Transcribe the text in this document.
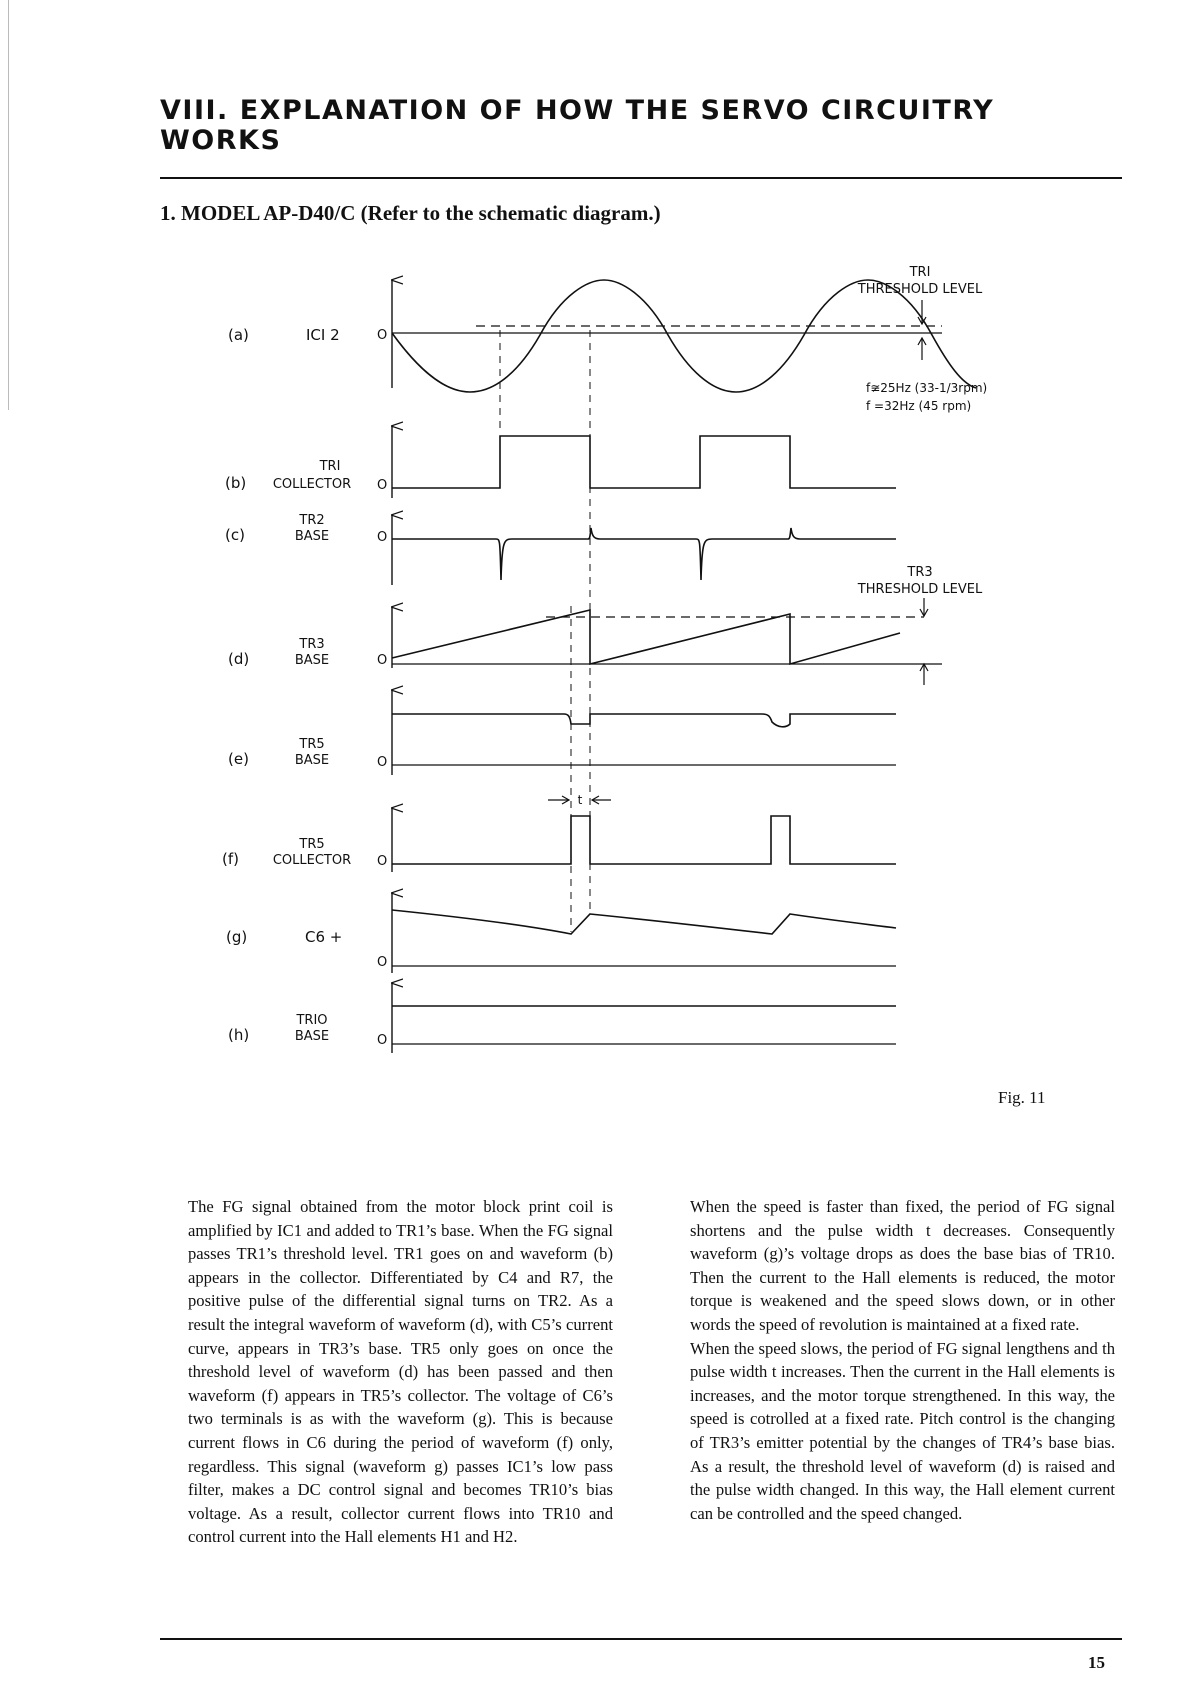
VIII. EXPLANATION OF HOW THE SERVO CIRCUITRY WORKS
1. MODEL AP-D40/C (Refer to the schematic diagram.)
(a)	ICI 2
TRI
(b) COLLECTOR
TR2
(c)	BASE
TR3
(d)	BASE
TR5
(e)	BASE
TR5
(f)	COLLECTOR
(g)	C6 +
TRIO
(h)	BASE
O
O
O
O
O
O
O
O
TRI
THRESHOLD LEVEL
f≆25Hz (33-1/3rpm)
f =32Hz (45 rpm)
TR3
THRESHOLD LEVEL
t
Fig. 11

The FG signal obtained from the motor block print coil is amplified by IC1 and added to TR1’s base. When the FG signal passes TR1’s threshold level. TR1 goes on and waveform (b) appears in the collector. Differentiated by C4 and R7, the positive pulse of the differential signal turns on TR2. As a result the integral waveform of waveform (d), with C5’s current curve, appears in TR3’s base. TR5 only goes on once the threshold level of waveform (d) has been passed and then waveform (f) appears in TR5’s collector. The voltage of C6’s two terminals is as with the waveform (g). This is because current flows in C6 during the period of waveform (f) only, regardless. This signal (waveform g) passes IC1’s low pass filter, makes a DC control signal and becomes TR10’s bias voltage. As a result, collector current flows into TR10 and control current into the Hall elements H1 and H2.

When the speed is faster than fixed, the period of FG signal shortens and the pulse width t decreases. Consequently waveform (g)’s voltage drops as does the base bias of TR10. Then the current to the Hall elements is reduced, the motor torque is weakened and the speed slows down, or in other words the speed of revolution is maintained at a fixed rate.

When the speed slows, the period of FG signal lengthens and th pulse width t increases. Then the current in the Hall elements is increases, and the motor torque strengthened. In this way, the speed is cotrolled at a fixed rate. Pitch control is the changing of TR3’s emitter potential by the changes of TR4’s base bias. As a result, the threshold level of waveform (d) is raised and the pulse width changed. In this way, the Hall element current can be controlled and the speed changed.

15
